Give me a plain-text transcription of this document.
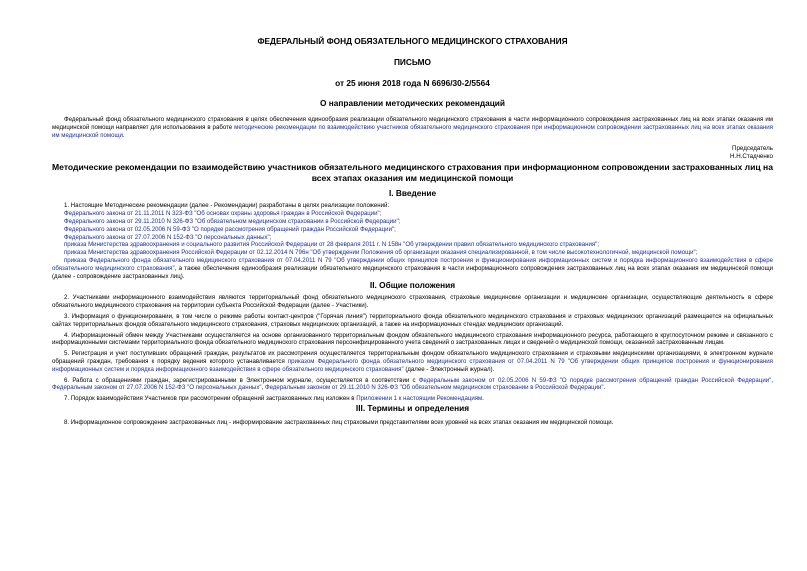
ФЕДЕРАЛЬНЫЙ ФОНД ОБЯЗАТЕЛЬНОГО МЕДИЦИНСКОГО СТРАХОВАНИЯ
ПИСЬМО
от 25 июня 2018 года N 6696/30-2/5564
О направлении методических рекомендаций

Федеральный фонд обязательного медицинского страхования в целях обеспечения единообразия реализации обязательного медицинского страхования в части информационного сопровождения застрахованных лиц на всех этапах оказания им медицинской помощи направляет для использования в работе методические рекомендации по взаимодействию участников обязательного медицинского страхования при информационном сопровождении застрахованных лиц на всех этапах оказания им медицинской помощи.

Председатель
Н.Н.Стадченко
Методические рекомендации по взаимодействию участников обязательного медицинского страхования при информационном сопровождении застрахованных лиц на всех этапах оказания им медицинской помощи
I. Введение

1. Настоящие Методические рекомендации (далее - Рекомендации) разработаны в целях реализации положений:

Федерального закона от 21.11.2011 N 323-ФЗ "Об основах охраны здоровья граждан в Российской Федерации";

Федерального закона от 29.11.2010 N 326-ФЗ "Об обязательном медицинском страховании в Российской Федерации";

Федерального закона от 02.05.2006 N 59-ФЗ "О порядке рассмотрения обращений граждан Российской Федерации";

Федерального закона от 27.07.2006 N 152-ФЗ "О персональных данных";

приказа Министерства здравоохранения и социального развития Российской Федерации от 28 февраля 2011 г. N 158н "Об утверждении правил обязательного медицинского страхования";

приказа Министерства здравоохранения Российской Федерации от 02.12.2014 N 796н "Об утверждении Положения об организации оказания специализированной, в том числе высокотехнологичной, медицинской помощи";

приказа Федерального фонда обязательного медицинского страхования от 07.04.2011 N 79 "Об утверждении общих принципов построения и функционирования информационных систем и порядка информационного взаимодействия в сфере обязательного медицинского страхования", а также обеспечения единообразия реализации обязательного медицинского страхования в части информационного сопровождения застрахованных лиц на всех этапах оказания им медицинской помощи (далее - сопровождение застрахованных лиц).

II. Общие положения

2. Участниками информационного взаимодействия являются территориальный фонд обязательного медицинского страхования, страховые медицинские организации и медицинские организации, осуществляющие деятельность в сфере обязательного медицинского страхования на территории субъекта Российской Федерации (далее - Участники).

3. Информация о функционировании, в том числе о режиме работы контакт-центров ("Горячая линия") территориального фонда обязательного медицинского страхования и страховых медицинских организаций размещается на официальных сайтах территориальных фондов обязательного медицинского страхования, страховых медицинских организаций, а также на информационных стендах медицинских организаций.

4. Информационный обмен между Участниками осуществляется на основе организованного территориальным фондом обязательного медицинского страхования информационного ресурса, работающего в круглосуточном режиме и связанного с информационными системами территориального фонда обязательного медицинского страхования персонифицированного учета сведений о застрахованных лицах и сведений о медицинской помощи, оказанной застрахованным лицам.

5. Регистрация и учет поступивших обращений граждан, результатов их рассмотрения осуществляется территориальным фондом обязательного медицинского страхования и страховыми медицинскими организациями, в электронном журнале обращений граждан, требования к порядку ведения которого устанавливается приказом Федерального фонда обязательного медицинского страхования от 07.04.2011 N 79 "Об утверждении общих принципов построения и функционирования информационных систем и порядка информационного взаимодействия в сфере обязательного медицинского страхования" (далее - Электронный журнал).

6. Работа с обращениями граждан, зарегистрированными в Электронном журнале, осуществляется в соответствии с Федеральным законом от 02.05.2006 N 59-ФЗ "О порядке рассмотрения обращений граждан Российской Федерации", Федеральным законом от 27.07.2006 N 152-ФЗ "О персональных данных", Федеральным законом от 29.11.2010 N 326-ФЗ "Об обязательном медицинском страховании в Российской Федерации".

7. Порядок взаимодействия Участников при рассмотрении обращений застрахованных лиц изложен в Приложении 1 к настоящим Рекомендациям.

III. Термины и определения

8. Информационное сопровождение застрахованных лиц - информирование застрахованных лиц страховыми представителями всех уровней на всех этапах оказания им медицинской помощи.
